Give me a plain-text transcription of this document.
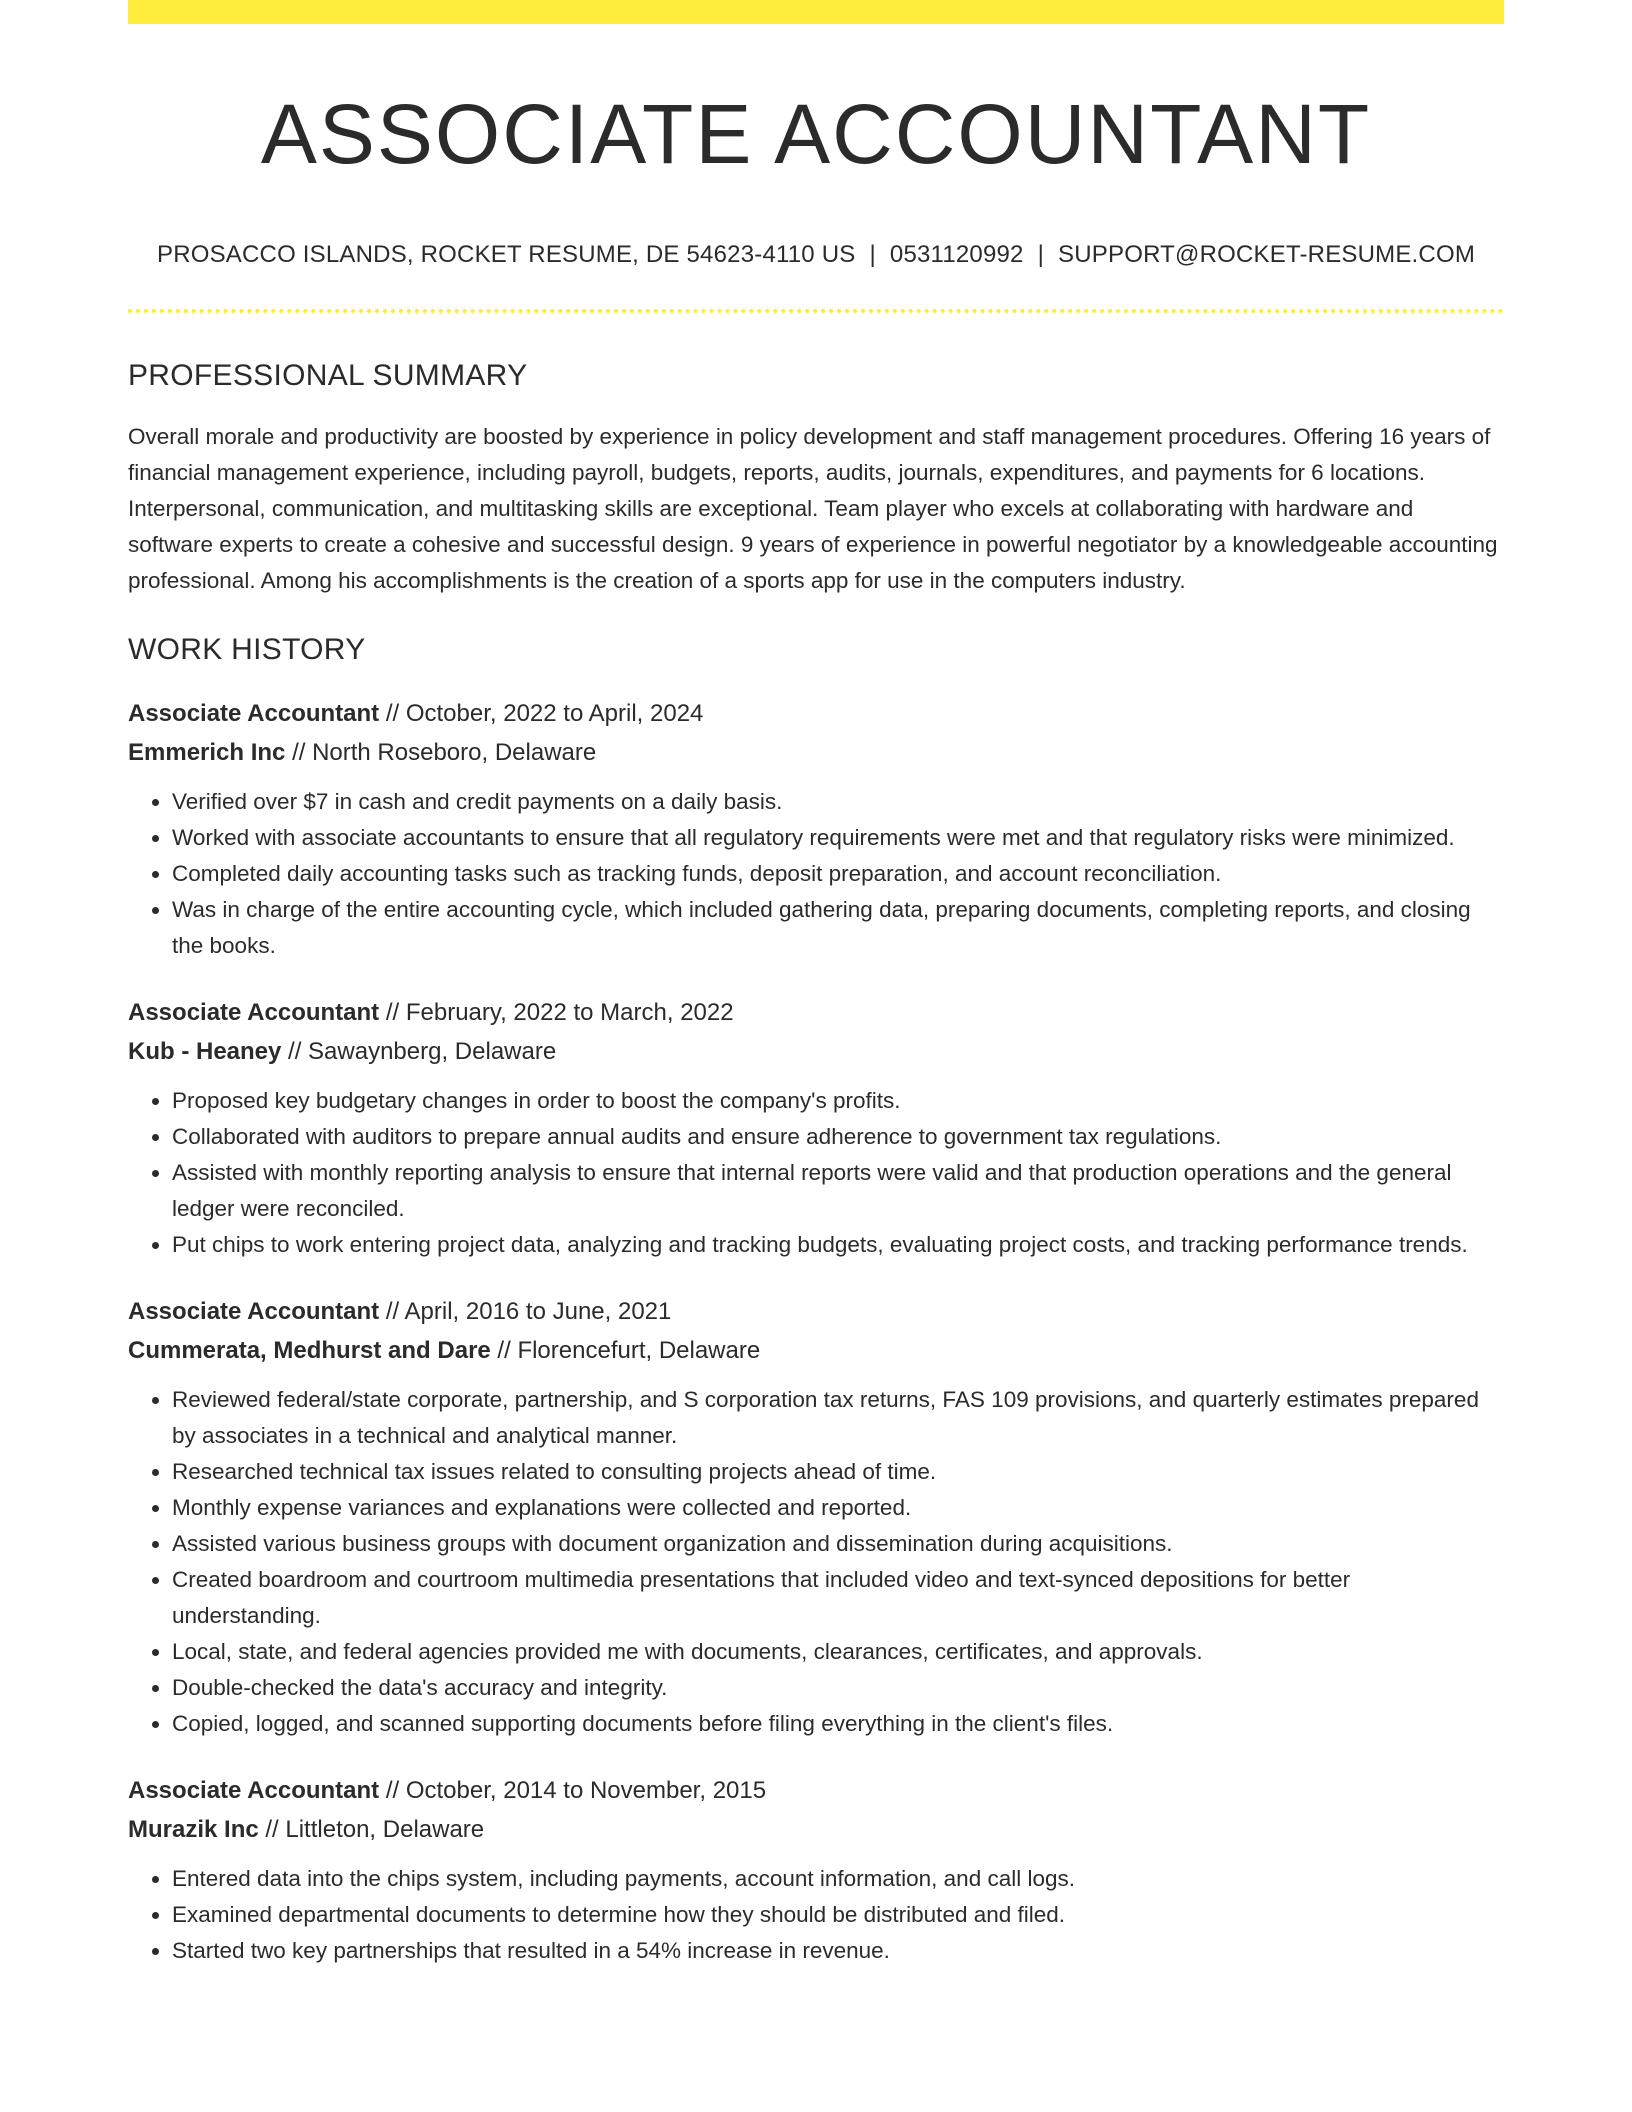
ASSOCIATE ACCOUNTANT
PROSACCO ISLANDS, ROCKET RESUME, DE 54623-4110 US | 0531120992 | SUPPORT@ROCKET-RESUME.COM
PROFESSIONAL SUMMARY

Overall morale and productivity are boosted by experience in policy development and staff management procedures. Offering 16 years of financial management experience, including payroll, budgets, reports, audits, journals, expenditures, and payments for 6 locations. Interpersonal, communication, and multitasking skills are exceptional. Team player who excels at collaborating with hardware and software experts to create a cohesive and successful design. 9 years of experience in powerful negotiator by a knowledgeable accounting professional. Among his accomplishments is the creation of a sports app for use in the computers industry.

WORK HISTORY
Associate Accountant // October, 2022 to April, 2024
Emmerich Inc // North Roseboro, Delaware
• Verified over $7 in cash and credit payments on a daily basis.
• Worked with associate accountants to ensure that all regulatory requirements were met and that regulatory risks were minimized.
• Completed daily accounting tasks such as tracking funds, deposit preparation, and account reconciliation.
• Was in charge of the entire accounting cycle, which included gathering data, preparing documents, completing reports, and closing the books.
Associate Accountant // February, 2022 to March, 2022
Kub - Heaney // Sawaynberg, Delaware
• Proposed key budgetary changes in order to boost the company's profits.
• Collaborated with auditors to prepare annual audits and ensure adherence to government tax regulations.
• Assisted with monthly reporting analysis to ensure that internal reports were valid and that production operations and the general ledger were reconciled.
• Put chips to work entering project data, analyzing and tracking budgets, evaluating project costs, and tracking performance trends.
Associate Accountant // April, 2016 to June, 2021
Cummerata, Medhurst and Dare // Florencefurt, Delaware
• Reviewed federal/state corporate, partnership, and S corporation tax returns, FAS 109 provisions, and quarterly estimates prepared by associates in a technical and analytical manner.
• Researched technical tax issues related to consulting projects ahead of time.
• Monthly expense variances and explanations were collected and reported.
• Assisted various business groups with document organization and dissemination during acquisitions.
• Created boardroom and courtroom multimedia presentations that included video and text-synced depositions for better understanding.
• Local, state, and federal agencies provided me with documents, clearances, certificates, and approvals.
• Double-checked the data's accuracy and integrity.
• Copied, logged, and scanned supporting documents before filing everything in the client's files.
Associate Accountant // October, 2014 to November, 2015
Murazik Inc // Littleton, Delaware
• Entered data into the chips system, including payments, account information, and call logs.
• Examined departmental documents to determine how they should be distributed and filed.
• Started two key partnerships that resulted in a 54% increase in revenue.
